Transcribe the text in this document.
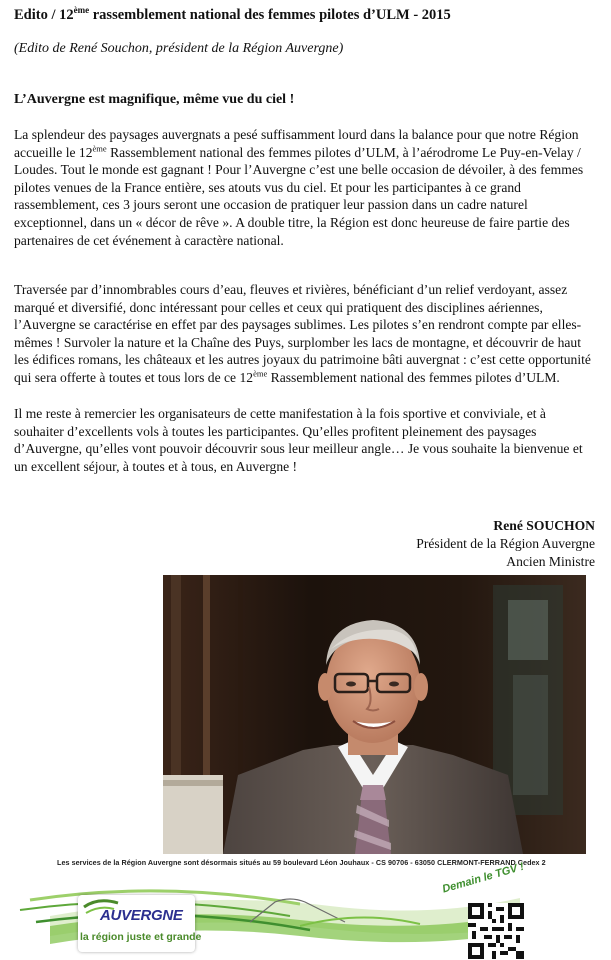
Edito / 12ème rassemblement national des femmes pilotes d’ULM - 2015
(Edito de René Souchon, président de la Région Auvergne)
L’Auvergne est magnifique, même vue du ciel !

La splendeur des paysages auvergnats a pesé suffisamment lourd dans la balance pour que notre Région accueille le 12ème Rassemblement national des femmes pilotes d’ULM, à l’aérodrome Le Puy-en-Velay / Loudes. Tout le monde est gagnant ! Pour l’Auvergne c’est une belle occasion de dévoiler, à des femmes pilotes venues de la France entière, ses atouts vus du ciel. Et pour les participantes à ce grand rassemblement, ces 3 jours seront une occasion de pratiquer leur passion dans un cadre naturel exceptionnel, dans un « décor de rêve ». A double titre, la Région est donc heureuse de faire partie des partenaires de cet événement à caractère national.

Traversée par d’innombrables cours d’eau, fleuves et rivières, bénéficiant d’un relief verdoyant, assez marqué et diversifié, donc intéressant pour celles et ceux qui pratiquent des disciplines aériennes, l’Auvergne se caractérise en effet par des paysages sublimes. Les pilotes s’en rendront compte par elles-mêmes ! Survoler la nature et la Chaîne des Puys, surplomber les lacs de montagne, et découvrir de haut les édifices romans, les châteaux et les autres joyaux du patrimoine bâti auvergnat : c’est cette opportunité qui sera offerte à toutes et tous lors de ce 12ème Rassemblement national des femmes pilotes d’ULM.

Il me reste à remercier les organisateurs de cette manifestation à la fois sportive et conviviale, et à souhaiter d’excellents vols à toutes les participantes. Qu’elles profitent pleinement des paysages d’Auvergne, qu’elles vont pouvoir découvrir sous leur meilleur angle… Je vous souhaite la bienvenue et un excellent séjour, à toutes et à tous, en Auvergne !

René SOUCHON
Président de la Région Auvergne
Ancien Ministre
Les services de la Région Auvergne sont désormais situés au 59 boulevard Léon Jouhaux - CS 90706 - 63050 CLERMONT-FERRAND Cedex 2
AUVERGNE
la région juste et grande
Demain le TGV !
